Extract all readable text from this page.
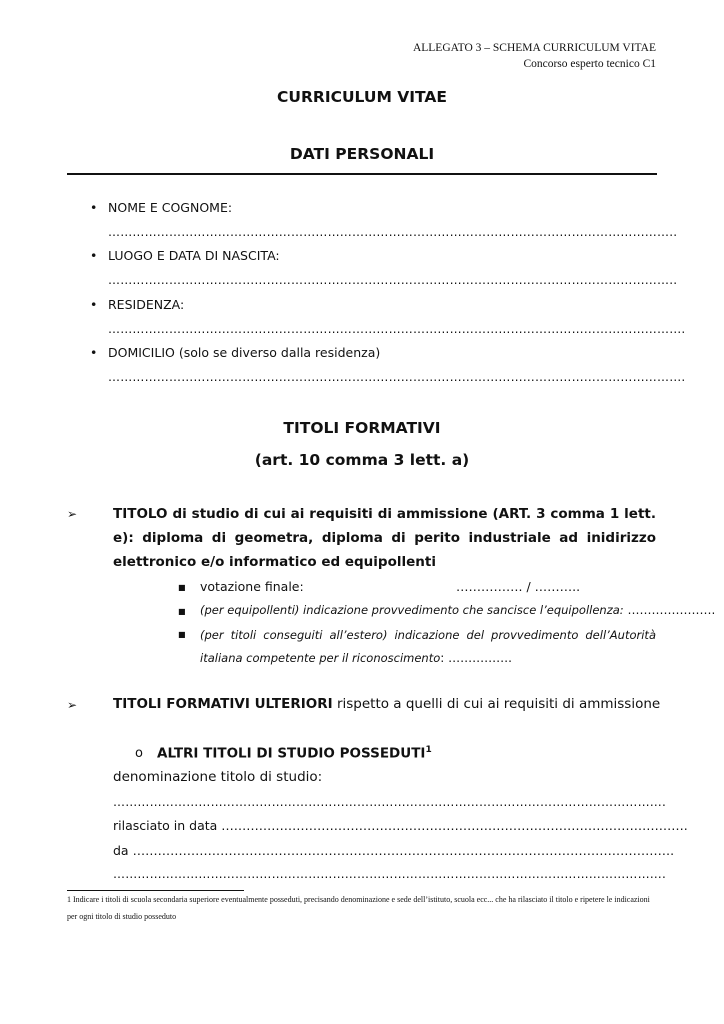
ALLEGATO 3 – SCHEMA CURRICULUM VITAE
Concorso esperto tecnico C1
CURRICULUM VITAE
DATI PERSONALI
• NOME E COGNOME:
…………………………………………………………………………………………………………………………..
• LUOGO E DATA DI NASCITA:
…………………………………………………………………………………………………………………………..
• RESIDENZA:
…………………………………………………………………………………………………………………………….
• DOMICILIO (solo se diverso dalla residenza)
…………………………………………………………………………………………………………………………….
TITOLI FORMATIVI
(art. 10 comma 3 lett. a)
➢	TITOLO di studio di cui ai requisiti di ammissione (ART. 3 comma 1 lett. e): diploma di geometra, diploma di perito industriale ad inidirizzo elettronico e/o informatico ed equipollenti
■ votazione finale:	……………. / ………..
■ (per equipollenti) indicazione provvedimento che sancisce l’equipollenza: ………………….
■ (per titoli conseguiti all’estero) indicazione del provvedimento dell’Autorità italiana competente per il riconoscimento: …………….
➢	TITOLI FORMATIVI ULTERIORI rispetto a quelli di cui ai requisiti di ammissione
o ALTRI TITOLI DI STUDIO POSSEDUTI$^1$
denominazione titolo di studio:
……………………………………………………………………………………………………………………….
rilasciato in data ………………………………………………………………………………………………….
da ………………………………………………………………………………………………………………….
……………………………………………………………………………………………………………………….
1 Indicare i titoli di scuola secondaria superiore eventualmente posseduti, precisando denominazione e sede dell’istituto, scuola ecc... che ha rilasciato il titolo e ripetere le indicazioni
per ogni titolo di studio posseduto
